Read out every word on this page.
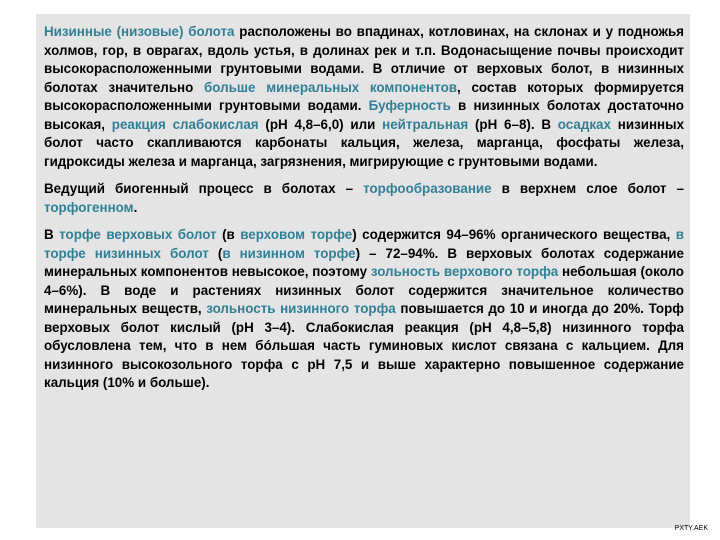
Низинные (низовые) болота расположены во впадинах, котловинах, на склонах и у подножья холмов, гор, в оврагах, вдоль устья, в долинах рек и т.п. Водонасыщение почвы происходит высокорасположенными грунтовыми водами. В отличие от верховых болот, в низинных болотах значительно больше минеральных компонентов, состав которых формируется высокорасположенными грунтовыми водами. Буферность в низинных болотах достаточно высокая, реакция слабокислая (pH 4,8–6,0) или нейтральная (pH 6–8). В осадках низинных болот часто скапливаются карбонаты кальция, железа, марганца, фосфаты железа, гидроксиды железа и марганца, загрязнения, мигрирующие с грунтовыми водами.

Ведущий биогенный процесс в болотах – торфообразование в верхнем слое болот – торфогенном.

В торфе верховых болот (в верховом торфе) содержится 94–96% органического вещества, в торфе низинных болот (в низинном торфе) – 72–94%. В верховых болотах содержание минеральных компонентов невысокое, поэтому зольность верхового торфа небольшая (около 4–6%). В воде и растениях низинных болот содержится значительное количество минеральных веществ, зольность низинного торфа повышается до 10 и иногда до 20%. Торф верховых болот кислый (pH 3–4). Слабокислая реакция (pH 4,8–5,8) низинного торфа обусловлена тем, что в нем бóльшая часть гуминовых кислот связана с кальцием. Для низинного высокозольного торфа с pH 7,5 и выше характерно повышенное содержание кальция (10% и больше).

PXTY.AEK
